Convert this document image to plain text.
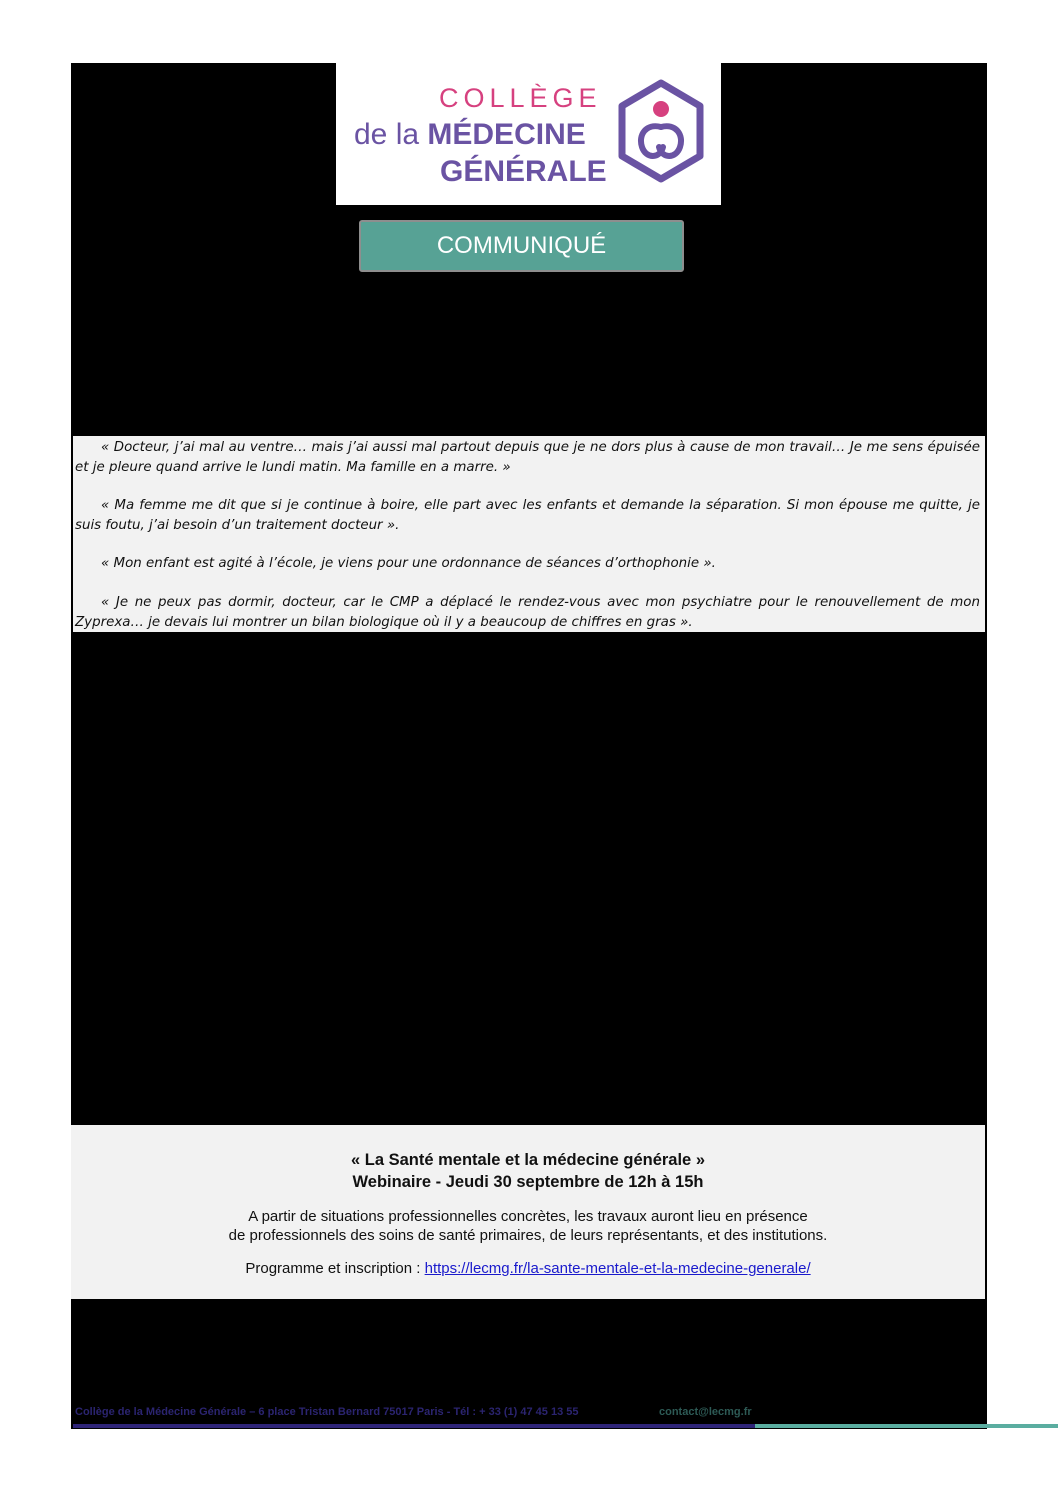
COLLÈGE
de la MÉDECINE
GÉNÉRALE
COMMUNIQUÉ

« Docteur, j’ai mal au ventre… mais j’ai aussi mal partout depuis que je ne dors plus à cause de mon travail… Je me sens épuisée et je pleure quand arrive le lundi matin. Ma famille en a marre. »

« Ma femme me dit que si je continue à boire, elle part avec les enfants et demande la séparation. Si mon épouse me quitte, je suis foutu, j’ai besoin d’un traitement docteur ».

« Mon enfant est agité à l’école, je viens pour une ordonnance de séances d’orthophonie ».

« Je ne peux pas dormir, docteur, car le CMP a déplacé le rendez-vous avec mon psychiatre pour le renouvellement de mon Zyprexa… je devais lui montrer un bilan biologique où il y a beaucoup de chiffres en gras ».

« La Santé mentale et la médecine générale »
Webinaire - Jeudi 30 septembre de 12h à 15h
A partir de situations professionnelles concrètes, les travaux auront lieu en présence
de professionnels des soins de santé primaires, de leurs représentants, et des institutions.
Programme et inscription : https://lecmg.fr/la-sante-mentale-et-la-medecine-generale/
Collège de la Médecine Générale – 6 place Tristan Bernard 75017 Paris - Tél : + 33 (1) 47 45 13 55	contact@lecmg.fr
